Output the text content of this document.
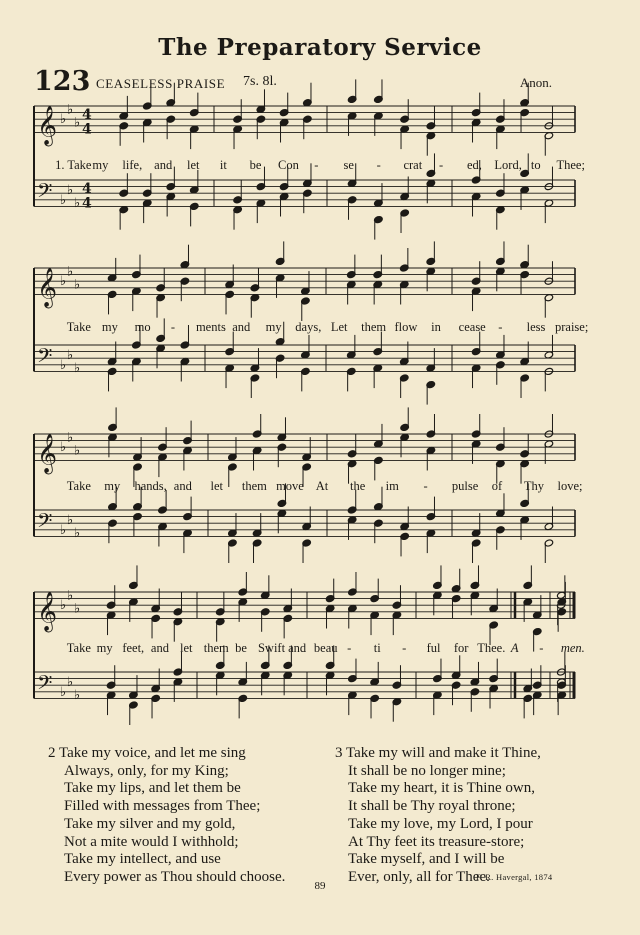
The Preparatory Service
123 CEASELESS PRAISE 7s. 8l.	Anon.
𝄞 ♭
♭
♭ 4
4
𝄢 ♭
♭
♭
4
4
𝄞 ♭
♭
♭
𝄢 ♭
♭
♭
𝄞 ♭
♭
♭
𝄢 ♭
♭
♭
𝄞 ♭
♭
♭
𝄢 ♭
♭
♭
1. Take my life, and let it be Con - se - crat - ed, Lord, to Thee;
Take my mo - ments and my days, Let them flow in cease - less praise;
Take my hands, and let them move At the im - pulse of Thy love;
Take my feet, and let them be Swift and beau - ti - ful for Thee. A - men.
2 Take my voice, and let me sing
Always, only, for my King;
Take my lips, and let them be
Filled with messages from Thee;
Take my silver and my gold,
Not a mite would I withhold;
Take my intellect, and use
Every power as Thou should choose.
3 Take my will and make it Thine,
It shall be no longer mine;
Take my heart, it is Thine own,
It shall be Thy royal throne;
Take my love, my Lord, I pour
At Thy feet its treasure-store;
Take myself, and I will be
Ever, only, all for Thee.
F. R. Havergal, 1874
89
